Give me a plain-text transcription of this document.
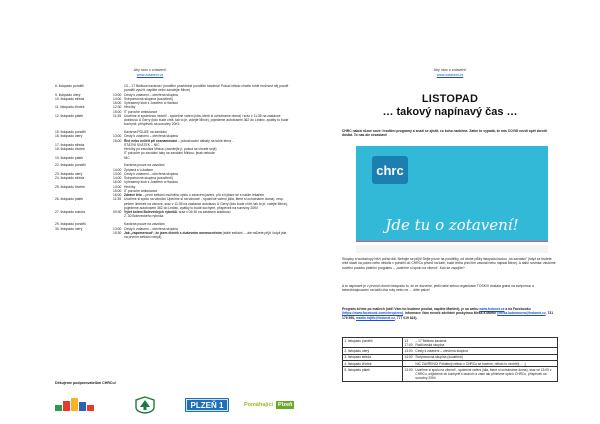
Aby nám o zotavení!
www.zotaveni.cz
8. listopadu pondělí	13 – 17 Bellkow kavárna / pondělní pravidelné pondělní kavárna! Pokud někdo chcete tuhle možnost něj pozdě pondělí využít, napište nebo zavolejte Mirce)
9. listopadu úterý	13:00 Cesty k zotavení – otevřená skupina
10. listopadu středa	14:00 Svépomocná skupina (soustředí)
16:00 Vyhrazený klub s Josefem a Hankou
11. listopadu čtvrtek	12:30 Hrníčky
15:00 IT poroche ambulance
12. listopadu pátek	11:35 Uvaříme si společnou večeři! - společné vaření jídla, které si ochutnáme doma) i sraz v 11:35 na zastávce autobusu U Gerry (kdo bude chtít, tak to je, volejte Mirce), pojedeme autobusem 362 do Lednic, zpátky to bude kuchyně, příspěvek na suroviny 20Kč
15. listopadu pondělí	Kavárna POUZE na zavolání
16. listopadu úterý	13:00 Cesty k zotavení – otevřená skupina
16:00 Říct nebo nelíčit při seznamování – pokračování debaty na tohle téma ...
17. listopadu středa	STÁTNÍ SVÁTEK – NIC
18. listopadu čtvrtek	Hrníčky po zavolání Mirkou (zavolejte jí, pokud se chcete sejít)
IT poroche po zavolání taky na zavolání Mirkou, jinak nebude
19. listopadu pátek	NIC
22. listopadu pondělí	Kavárna pouze na zavolání
14:00 Zpívaná s Lukášem
23. listopadu úterý	13:00 Cesty k zotavení – otevřená skupina
24. listopadu středa	14:00 Svépomocná skupina (soustředí)
16:00 Vyhrazený klub s Josefem a Hankou
25. listopadu čtvrtek	13:00 Hrníčky
15:00 IT poroche ambulance
16:00 Zdravé tělo – první setkání možného cyklu o zdravém jazení, pití a hýbání se s našim lékařem
26. listopadu pátek	11:35 Uvaříme si spolu na vánoční Upečme si na vánoce! - společné vaření jídla, které si ochutnáme doma), resp. pečení limeček na vánoce, sraz v 11:35 na zastávce autobusu U Gerry (kdo bude chtít, tak to je, volejte Mirce), pojedeme autobusem 362 do Lednic, zpátky to bude kuchyně, příspěvek na suroviny 20Kč
27. listopadu sobota	09:30 Výlet kolem Boleveckých rybníků, sraz v 09:30 na zastávce autobusu
2. 30 Boleveckého rybníka
29. listopadu pondělí	Kavárna pouze na zavolání
30. listopadu úterý	13:00 Cesty k zotavení – otevřená skupina
15:30 Jak „zapomenout“, že jsem člověk s duševním onemocněním (stálé setkání, ...ale můžete přijít i když jste na prvním setkání nebyli)
Děkujeme podporovatelům CHRCu!
PLZEŇ 1	Pomáhající Plzeň
Aby nám o zotavení!
www.zotaveni.cz
LISTOPAD
… takový napínavý čas …
CHRC nabízí různé nové i tradiční programy a snaží se zjistit, co koho nadchne. Zatím to vypadá, že nás COVID nezdí opět zkrotit dostat. To nás ale nezastaví!
chrc
Jde tu o zotavení!
Skupiny a workshopy běží pořád dál. Nebojte se přijít! Dejte pozor na pondělky, od druhé půlky listopadu budou „na zavolání“ (když se budete chtít stavit na pokec nebo několik v pondělí do CHRCu přiveď na kafe, bude třeba před tím zavolat nebo napsat Mirce). A další novinka: zkusíme nového podobu páteční programu – „uvaříme si spolu na víkend“. Kdo se zapojíte?
A to napínavé je v prvních dnech listopadu to, že ze dozvíme, jestli naše sebou organizace TOSKVI dostala grand na svépomoc a sebeobhajovacími na další dva roky nebo ne … dítte palce!
Program šíříme po mailech (ráďi Vám ho budeme posílat, napište Martině), je na webu www.fedonet.cz a na Facebooku (https://www.facebook.com/chrcplzen). Informace Vám rovněž zdvihtně poskytnou Mirka a Martin (mirka.ludmanova@fedonet.cz, 731 176 590, martin.fojtik@fedonet.cz, 777 019 824).
1. listopadu pondělí	13	– 17 Bellkow kavárna
17:00 Rodičovská skupina
2. listopadu úterý	13:00 Cesty k zotavení – otevřená skupina
3. listopadu středa	14:00 Svépomocná skupina (soustředí)
4. listopadu čtvrtek	NIC ZAVŘENO! Poklábejí někdo v CHRCu se bavíme, někdo to nechtějí ... ;)
5. listopadu pátek	13:00 Uvaříme si spolu na víkend! - společné vaření jídla, které si ochutnáme doma), sraz ve 13:00 v CHRCu, odjedeme do kuchyně s lasicích a zase tak přinesme spát k CHRCu, příspěvek na suroviny 20Kč
